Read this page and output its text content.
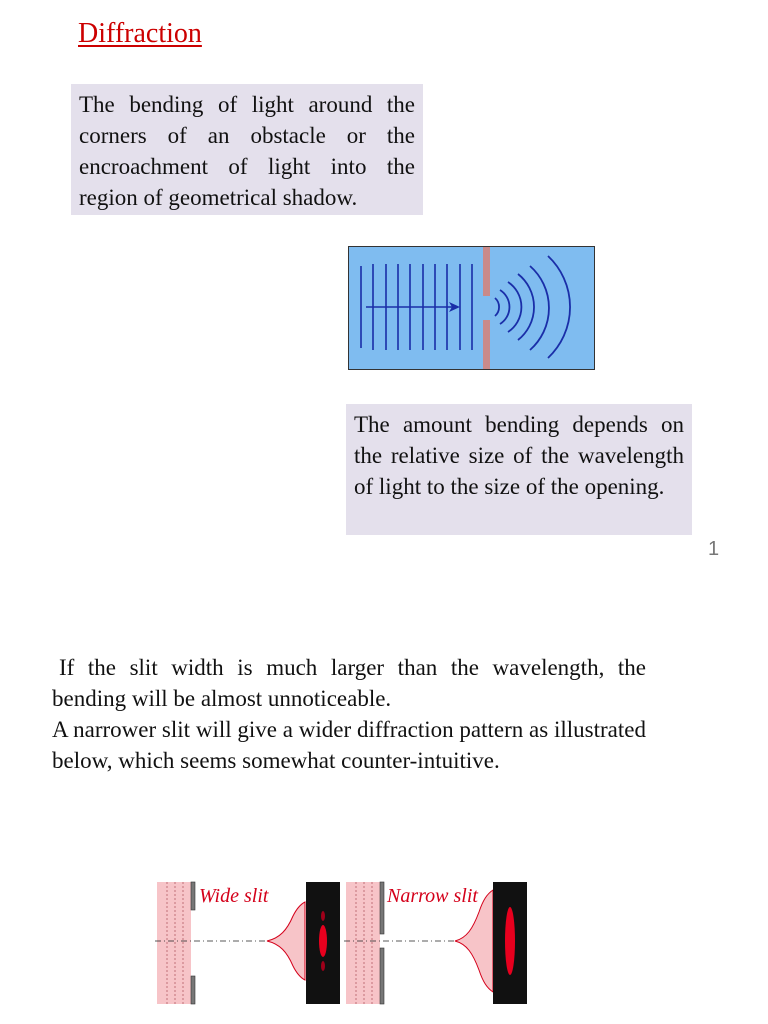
Diffraction
The bending of light around the corners of an obstacle or the encroachment of light into the region of geometrical shadow.
The amount bending depends on the relative size of the wavelength of light to the size of the opening.
1

If the slit width is much larger than the wavelength, the bending will be almost unnoticeable.

A narrower slit will give a wider diffraction pattern as illustrated below, which seems somewhat counter-intuitive.

Wide slit	Narrow slit
